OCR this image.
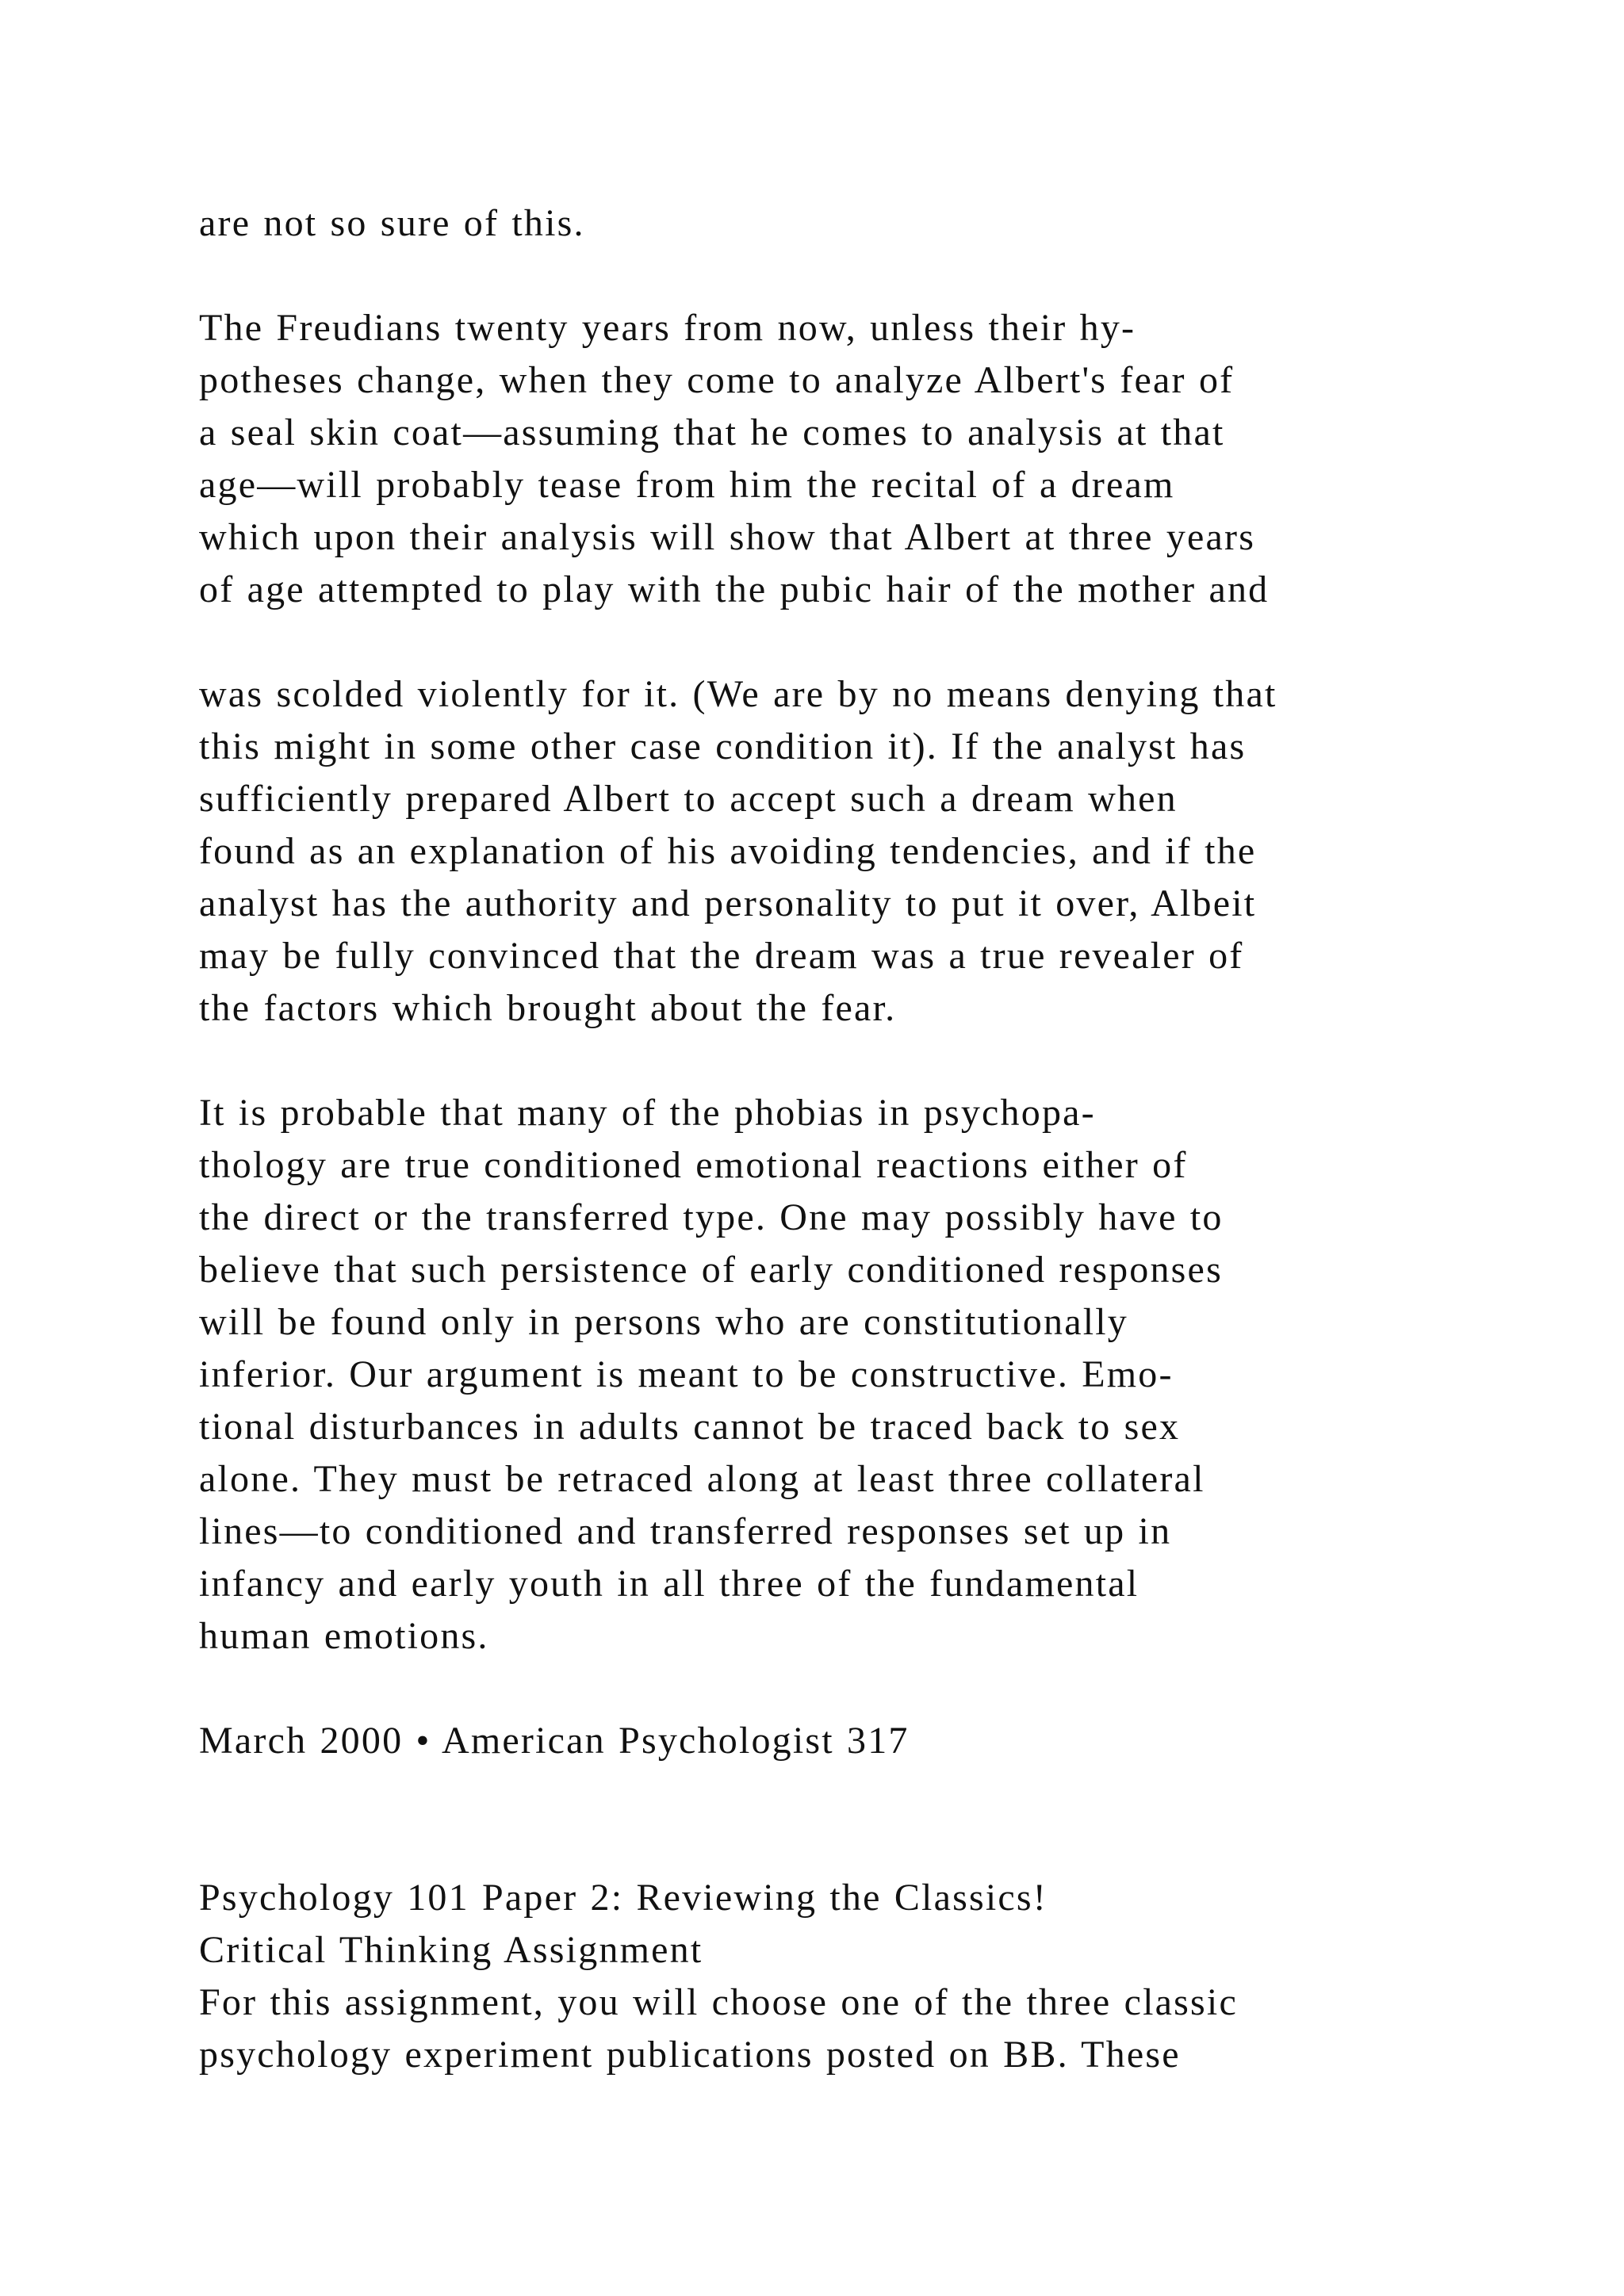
are not so sure of this.
The Freudians twenty years from now, unless their hy-
potheses change, when they come to analyze Albert's fear of
a seal skin coat—assuming that he comes to analysis at that
age—will probably tease from him the recital of a dream
which upon their analysis will show that Albert at three years
of age attempted to play with the pubic hair of the mother and
was scolded violently for it. (We are by no means denying that
this might in some other case condition it). If the analyst has
sufficiently prepared Albert to accept such a dream when
found as an explanation of his avoiding tendencies, and if the
analyst has the authority and personality to put it over, Albeit
may be fully convinced that the dream was a true revealer of
the factors which brought about the fear.
It is probable that many of the phobias in psychopa-
thology are true conditioned emotional reactions either of
the direct or the transferred type. One may possibly have to
believe that such persistence of early conditioned responses
will be found only in persons who are constitutionally
inferior. Our argument is meant to be constructive. Emo-
tional disturbances in adults cannot be traced back to sex
alone. They must be retraced along at least three collateral
lines—to conditioned and transferred responses set up in
infancy and early youth in all three of the fundamental
human emotions.
March 2000 • American Psychologist 317
Psychology 101 Paper 2: Reviewing the Classics!
Critical Thinking Assignment
For this assignment, you will choose one of the three classic
psychology experiment publications posted on BB. These
